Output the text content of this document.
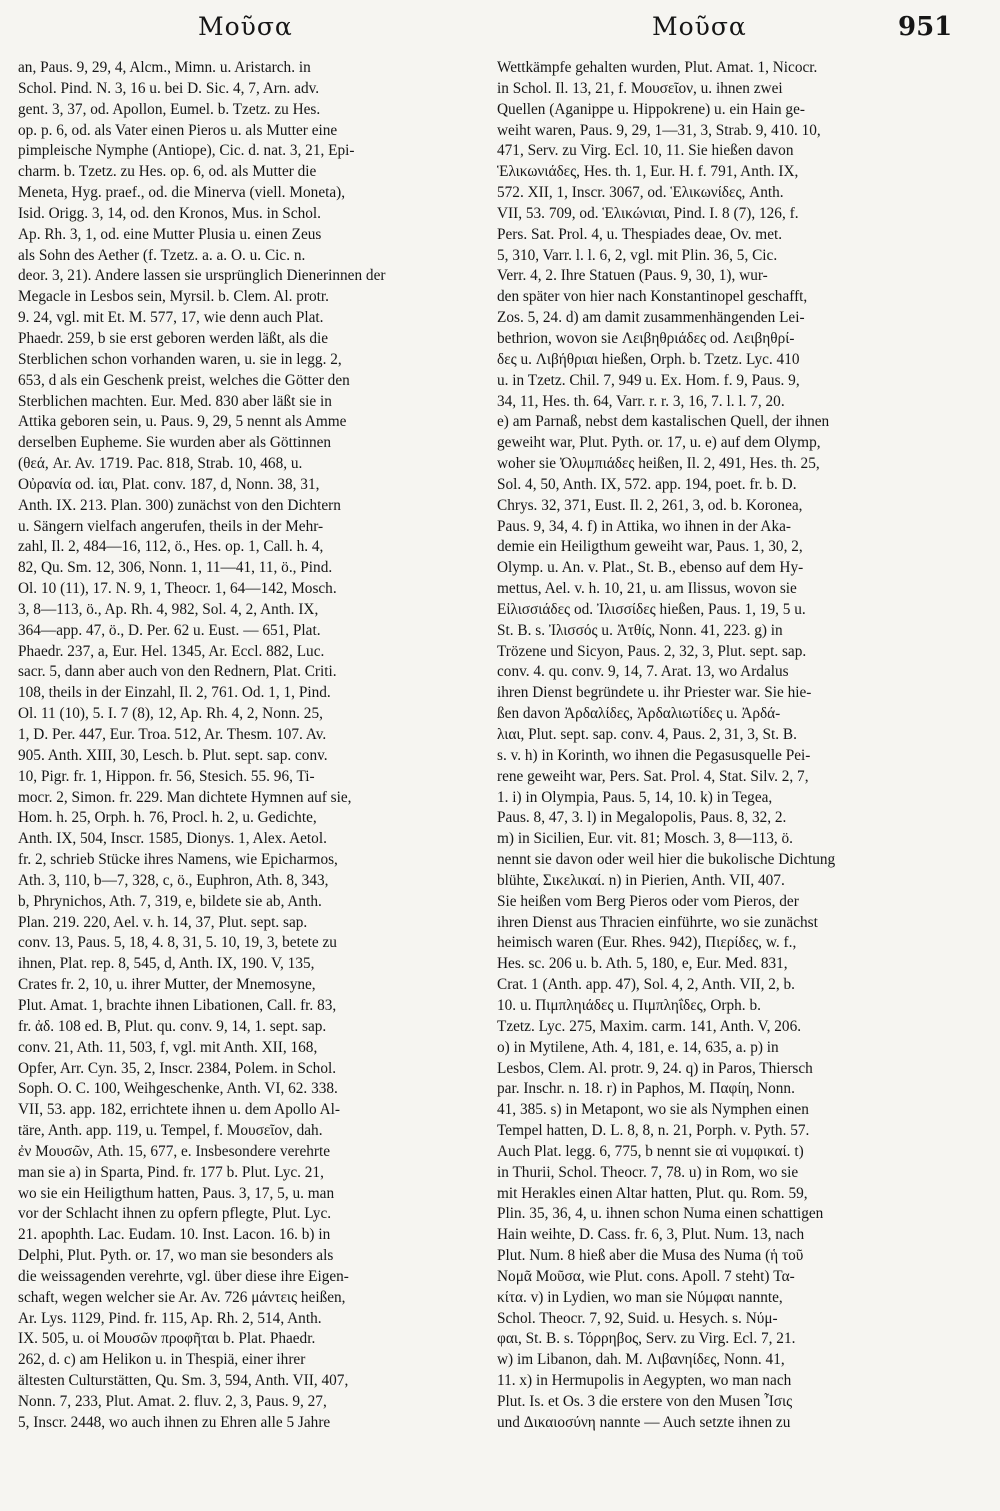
Μοῦσα	Μοῦσα	951
an, Paus. 9, 29, 4, Alcm., Mimn. u. Aristarch. in
Schol. Pind. N. 3, 16 u. bei D. Sic. 4, 7, Arn. adv.
gent. 3, 37, od. Apollon, Eumel. b. Tzetz. zu Hes.
op. p. 6, od. als Vater einen Pieros u. als Mutter eine
pimpleische Nymphe (Antiope), Cic. d. nat. 3, 21, Epi-
charm. b. Tzetz. zu Hes. op. 6, od. als Mutter die
Meneta, Hyg. praef., od. die Minerva (viell. Moneta),
Isid. Origg. 3, 14, od. den Kronos, Mus. in Schol.
Ap. Rh. 3, 1, od. eine Mutter Plusia u. einen Zeus
als Sohn des Aether (f. Tzetz. a. a. O. u. Cic. n.
deor. 3, 21). Andere lassen sie ursprünglich Dienerinnen der
Megacle in Lesbos sein, Myrsil. b. Clem. Al. protr.
9. 24, vgl. mit Et. M. 577, 17, wie denn auch Plat.
Phaedr. 259, b sie erst geboren werden läßt, als die
Sterblichen schon vorhanden waren, u. sie in legg. 2,
653, d als ein Geschenk preist, welches die Götter den
Sterblichen machten. Eur. Med. 830 aber läßt sie in
Attika geboren sein, u. Paus. 9, 29, 5 nennt als Amme
derselben Eupheme. Sie wurden aber als Göttinnen
(θεά, Ar. Av. 1719. Pac. 818, Strab. 10, 468, u.
Οὐρανία od. ἱαι, Plat. conv. 187, d, Nonn. 38, 31,
Anth. IX. 213. Plan. 300) zunächst von den Dichtern
u. Sängern vielfach angerufen, theils in der Mehr-
zahl, Il. 2, 484—16, 112, ö., Hes. op. 1, Call. h. 4,
82, Qu. Sm. 12, 306, Nonn. 1, 11—41, 11, ö., Pind.
Ol. 10 (11), 17. N. 9, 1, Theocr. 1, 64—142, Mosch.
3, 8—113, ö., Ap. Rh. 4, 982, Sol. 4, 2, Anth. IX,
364—app. 47, ö., D. Per. 62 u. Eust. — 651, Plat.
Phaedr. 237, a, Eur. Hel. 1345, Ar. Eccl. 882, Luc.
sacr. 5, dann aber auch von den Rednern, Plat. Criti.
108, theils in der Einzahl, Il. 2, 761. Od. 1, 1, Pind.
Ol. 11 (10), 5. I. 7 (8), 12, Ap. Rh. 4, 2, Nonn. 25,
1, D. Per. 447, Eur. Troa. 512, Ar. Thesm. 107. Av.
905. Anth. XIII, 30, Lesch. b. Plut. sept. sap. conv.
10, Pigr. fr. 1, Hippon. fr. 56, Stesich. 55. 96, Ti-
mocr. 2, Simon. fr. 229. Man dichtete Hymnen auf sie,
Hom. h. 25, Orph. h. 76, Procl. h. 2, u. Gedichte,
Anth. IX, 504, Inscr. 1585, Dionys. 1, Alex. Aetol.
fr. 2, schrieb Stücke ihres Namens, wie Epicharmos,
Ath. 3, 110, b—7, 328, c, ö., Euphron, Ath. 8, 343,
b, Phrynichos, Ath. 7, 319, e, bildete sie ab, Anth.
Plan. 219. 220, Ael. v. h. 14, 37, Plut. sept. sap.
conv. 13, Paus. 5, 18, 4. 8, 31, 5. 10, 19, 3, betete zu
ihnen, Plat. rep. 8, 545, d, Anth. IX, 190. V, 135,
Crates fr. 2, 10, u. ihrer Mutter, der Mnemosyne,
Plut. Amat. 1, brachte ihnen Libationen, Call. fr. 83,
fr. ἀδ. 108 ed. B, Plut. qu. conv. 9, 14, 1. sept. sap.
conv. 21, Ath. 11, 503, f, vgl. mit Anth. XII, 168,
Opfer, Arr. Cyn. 35, 2, Inscr. 2384, Polem. in Schol.
Soph. O. C. 100, Weihgeschenke, Anth. VI, 62. 338.
VII, 53. app. 182, errichtete ihnen u. dem Apollo Al-
täre, Anth. app. 119, u. Tempel, f. Μουσεῖον, dah.
ἐν Μουσῶν, Ath. 15, 677, e. Insbesondere verehrte
man sie a) in Sparta, Pind. fr. 177 b. Plut. Lyc. 21,
wo sie ein Heiligthum hatten, Paus. 3, 17, 5, u. man
vor der Schlacht ihnen zu opfern pflegte, Plut. Lyc.
21. apophth. Lac. Eudam. 10. Inst. Lacon. 16. b) in
Delphi, Plut. Pyth. or. 17, wo man sie besonders als
die weissagenden verehrte, vgl. über diese ihre Eigen-
schaft, wegen welcher sie Ar. Av. 726 μάντεις heißen,
Ar. Lys. 1129, Pind. fr. 115, Ap. Rh. 2, 514, Anth.
IX. 505, u. οἱ Μουσῶν προφῆται b. Plat. Phaedr.
262, d. c) am Helikon u. in Thespiä, einer ihrer
ältesten Culturstätten, Qu. Sm. 3, 594, Anth. VII, 407,
Nonn. 7, 233, Plut. Amat. 2. fluv. 2, 3, Paus. 9, 27,
5, Inscr. 2448, wo auch ihnen zu Ehren alle 5 Jahre
Wettkämpfe gehalten wurden, Plut. Amat. 1, Nicocr.
in Schol. Il. 13, 21, f. Μουσεῖον, u. ihnen zwei
Quellen (Aganippe u. Hippokrene) u. ein Hain ge-
weiht waren, Paus. 9, 29, 1—31, 3, Strab. 9, 410. 10,
471, Serv. zu Virg. Ecl. 10, 11. Sie hießen davon
Ἑλικωνιάδες, Hes. th. 1, Eur. H. f. 791, Anth. IX,
572. XII, 1, Inscr. 3067, od. Ἑλικωνίδες, Anth.
VII, 53. 709, od. Ἑλικώνιαι, Pind. I. 8 (7), 126, f.
Pers. Sat. Prol. 4, u. Thespiades deae, Ov. met.
5, 310, Varr. l. l. 6, 2, vgl. mit Plin. 36, 5, Cic.
Verr. 4, 2. Ihre Statuen (Paus. 9, 30, 1), wur-
den später von hier nach Konstantinopel geschafft,
Zos. 5, 24. d) am damit zusammenhängenden Lei-
bethrion, wovon sie Λειβηθριάδες od. Λειβηθρί-
δες u. Λιβήθριαι hießen, Orph. b. Tzetz. Lyc. 410
u. in Tzetz. Chil. 7, 949 u. Ex. Hom. f. 9, Paus. 9,
34, 11, Hes. th. 64, Varr. r. r. 3, 16, 7. l. l. 7, 20.
e) am Parnaß, nebst dem kastalischen Quell, der ihnen
geweiht war, Plut. Pyth. or. 17, u. e) auf dem Olymp,
woher sie Ὀλυμπιάδες heißen, Il. 2, 491, Hes. th. 25,
Sol. 4, 50, Anth. IX, 572. app. 194, poet. fr. b. D.
Chrys. 32, 371, Eust. Il. 2, 261, 3, od. b. Koronea,
Paus. 9, 34, 4. f) in Attika, wo ihnen in der Aka-
demie ein Heiligthum geweiht war, Paus. 1, 30, 2,
Olymp. u. An. v. Plat., St. B., ebenso auf dem Hy-
mettus, Ael. v. h. 10, 21, u. am Ilissus, wovon sie
Εἰλισσιάδες od. Ἰλισσίδες hießen, Paus. 1, 19, 5 u.
St. B. s. Ἰλισσός u. Ἀτθίς, Nonn. 41, 223. g) in
Trözene und Sicyon, Paus. 2, 32, 3, Plut. sept. sap.
conv. 4. qu. conv. 9, 14, 7. Arat. 13, wo Ardalus
ihren Dienst begründete u. ihr Priester war. Sie hie-
ßen davon Ἀρδαλίδες, Ἀρδαλιωτίδες u. Ἀρδά-
λιαι, Plut. sept. sap. conv. 4, Paus. 2, 31, 3, St. B.
s. v. h) in Korinth, wo ihnen die Pegasusquelle Pei-
rene geweiht war, Pers. Sat. Prol. 4, Stat. Silv. 2, 7,
1. i) in Olympia, Paus. 5, 14, 10. k) in Tegea,
Paus. 8, 47, 3. l) in Megalopolis, Paus. 8, 32, 2.
m) in Sicilien, Eur. vit. 81; Mosch. 3, 8—113, ö.
nennt sie davon oder weil hier die bukolische Dichtung
blühte, Σικελικαί. n) in Pierien, Anth. VII, 407.
Sie heißen vom Berg Pieros oder vom Pieros, der
ihren Dienst aus Thracien einführte, wo sie zunächst
heimisch waren (Eur. Rhes. 942), Πιερίδες, w. f.,
Hes. sc. 206 u. b. Ath. 5, 180, e, Eur. Med. 831,
Crat. 1 (Anth. app. 47), Sol. 4, 2, Anth. VII, 2, b.
10. u. Πιμπληιάδες u. Πιμπληΐδες, Orph. b.
Tzetz. Lyc. 275, Maxim. carm. 141, Anth. V, 206.
o) in Mytilene, Ath. 4, 181, e. 14, 635, a. p) in
Lesbos, Clem. Al. protr. 9, 24. q) in Paros, Thiersch
par. Inschr. n. 18. r) in Paphos, M. Παφίη, Nonn.
41, 385. s) in Metapont, wo sie als Nymphen einen
Tempel hatten, D. L. 8, 8, n. 21, Porph. v. Pyth. 57.
Auch Plat. legg. 6, 775, b nennt sie αἱ νυμφικαί. t)
in Thurii, Schol. Theocr. 7, 78. u) in Rom, wo sie
mit Herakles einen Altar hatten, Plut. qu. Rom. 59,
Plin. 35, 36, 4, u. ihnen schon Numa einen schattigen
Hain weihte, D. Cass. fr. 6, 3, Plut. Num. 13, nach
Plut. Num. 8 hieß aber die Musa des Numa (ἡ τοῦ
Νομᾶ Μοῦσα, wie Plut. cons. Apoll. 7 steht) Τα-
κίτα. v) in Lydien, wo man sie Νύμφαι nannte,
Schol. Theocr. 7, 92, Suid. u. Hesych. s. Νύμ-
φαι, St. B. s. Τόρρηβος, Serv. zu Virg. Ecl. 7, 21.
w) im Libanon, dah. M. Λιβανηίδες, Nonn. 41,
11. x) in Hermupolis in Aegypten, wo man nach
Plut. Is. et Os. 3 die erstere von den Musen Ἶσις
und Δικαιοσύνη nannte — Auch setzte ihnen zu
